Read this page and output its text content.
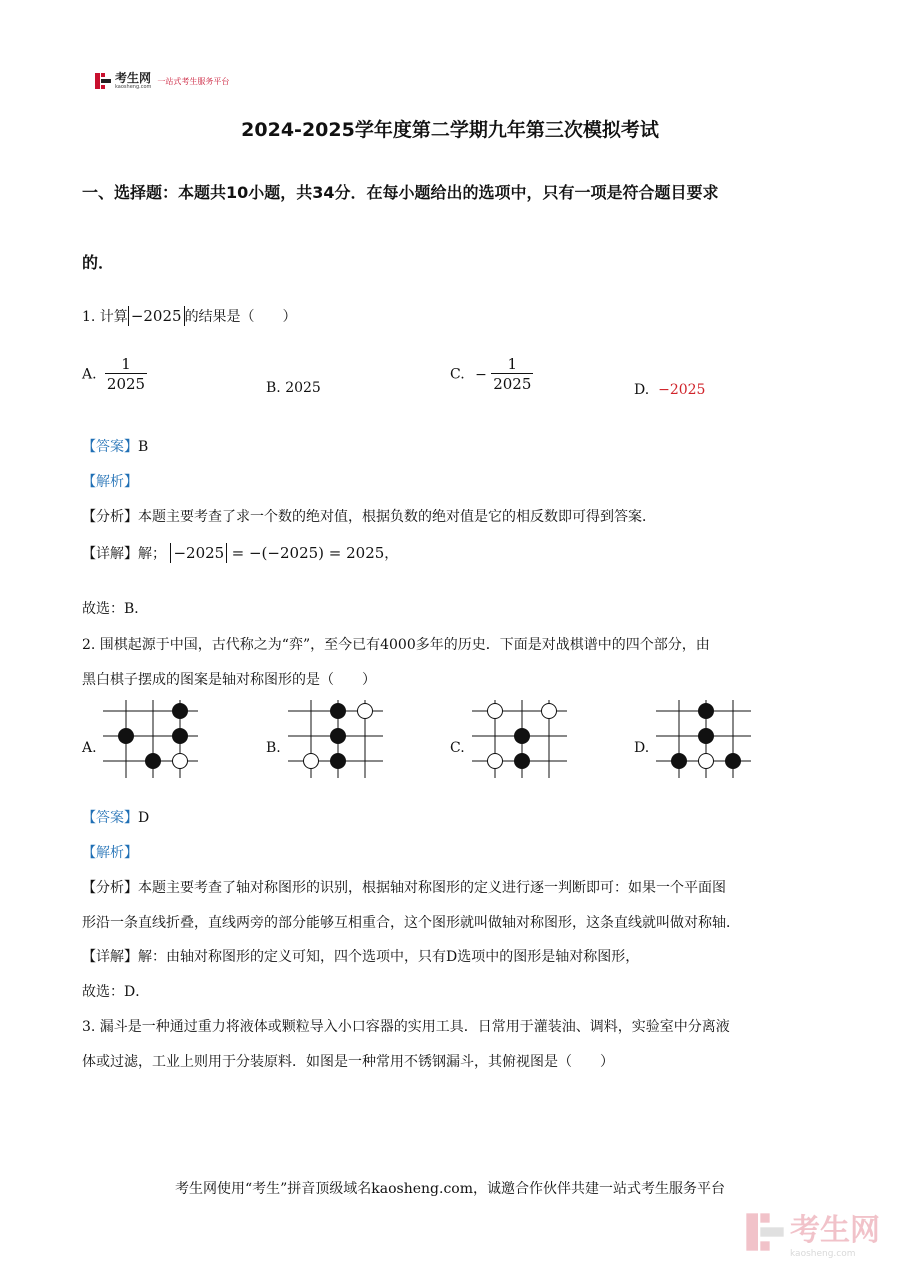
考生网
kaosheng.com
一站式考生服务平台
2024-2025学年度第二学期九年第三次模拟考试
一、选择题：本题共10小题，共34分．在每小题给出的选项中，只有一项是符合题目要求
的．
1. 计算 −2025 的结果是（　　）
A. $\frac{1}{2025}$	B. 2025
C. − $\frac{1}{2025}$	D. −2025
【答案】B
【解析】
【分析】本题主要考查了求一个数的绝对值，根据负数的绝对值是它的相反数即可得到答案．
【详解】解； −2025 = −(−2025) = 2025，
故选：B．
2. 围棋起源于中国，古代称之为“弈”，至今已有4000多年的历史．下面是对战棋谱中的四个部分，由
黑白棋子摆成的图案是轴对称图形的是（　　）
A.	B.	C.	D.
【答案】D
【解析】
【分析】本题主要考查了轴对称图形的识别，根据轴对称图形的定义进行逐一判断即可：如果一个平面图
形沿一条直线折叠，直线两旁的部分能够互相重合，这个图形就叫做轴对称图形，这条直线就叫做对称轴．
【详解】解：由轴对称图形的定义可知，四个选项中，只有D选项中的图形是轴对称图形，
故选：D．
3. 漏斗是一种通过重力将液体或颗粒导入小口容器的实用工具．日常用于灌装油、调料，实验室中分离液
体或过滤，工业上则用于分装原料．如图是一种常用不锈钢漏斗，其俯视图是（　　）
考生网使用“考生”拼音顶级域名kaosheng.com，诚邀合作伙伴共建一站式考生服务平台
考生网
kaosheng.com
